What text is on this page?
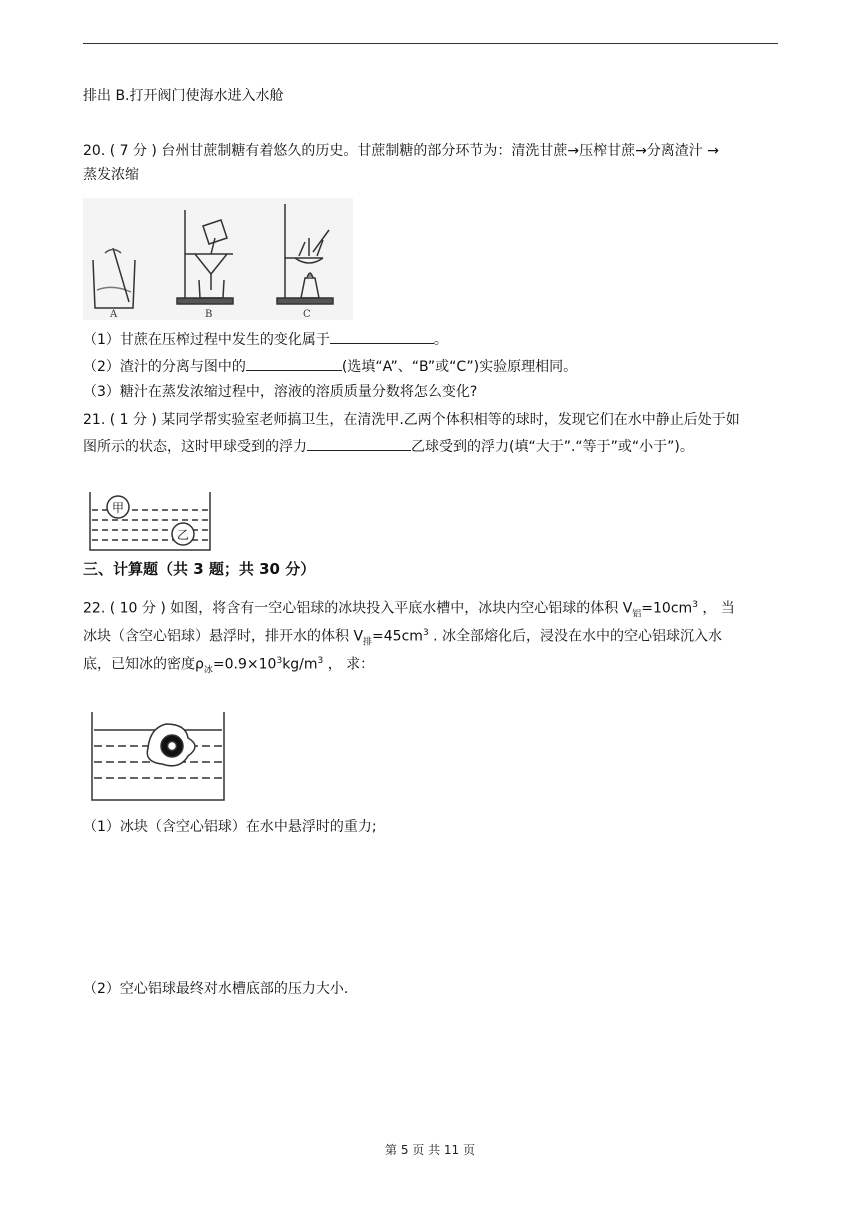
排出 B.打开阀门使海水进入水舱
20. ( 7 分 ) 台州甘蔗制糖有着悠久的历史。甘蔗制糖的部分环节为：清洗甘蔗→压榨甘蔗→分离渣汁 →
蒸发浓缩
A	B	C
（1）甘蔗在压榨过程中发生的变化属于	。
（2）渣汁的分离与图中的	(选填“A”、“B”或“C”)实验原理相同。
（3）糖汁在蒸发浓缩过程中，溶液的溶质质量分数将怎么变化?
21. ( 1 分 ) 某同学帮实验室老师搞卫生，在清洗甲.乙两个体积相等的球时，发现它们在水中静止后处于如
图所示的状态，这时甲球受到的浮力	乙球受到的浮力(填“大于”.“等于”或“小于”)。
甲
乙
三、计算题（共 3 题；共 30 分）
22. ( 10 分 ) 如图，将含有一空心铝球的冰块投入平底水槽中，冰块内空心铝球的体积 $V_铝=10cm^3$ ， 当
冰块（含空心铝球）悬浮时，排开水的体积 $V_排=45cm^3$ . 冰全部熔化后，浸没在水中的空心铝球沉入水
底，已知冰的密度$\rho_冰=0.9\times 10^3kg/m^3$ ， 求：
（1）冰块（含空心铝球）在水中悬浮时的重力;
（2）空心铝球最终对水槽底部的压力大小.
第 5 页 共 11 页
